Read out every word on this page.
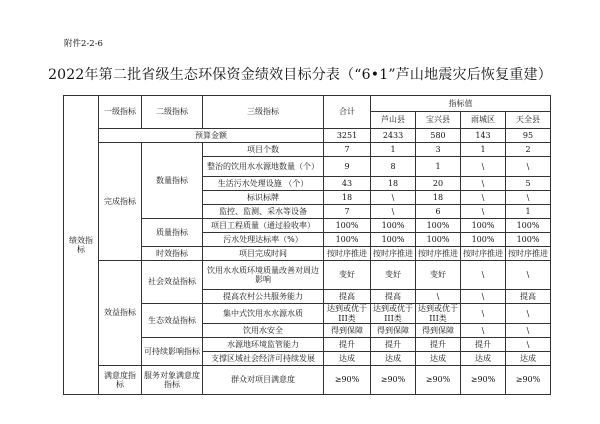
附件2-2-6
2022年第二批省级生态环保资金绩效目标分表（“6•1”芦山地震灾后恢复重建）
绩效指标	一级指标	二级指标	三级指标	合计	指标值			
					芦山县	宝兴县	雨城区	天全县
	预算金额			3251	2433	580	143	95
	完成指标	数量指标	项目个数	7	1	3	1	2
			整治的饮用水水源地数量（个）	9	8	1	\	\
			生活污水处理设施 （个）	43	18	20	\	5
			标识标牌	18	\	18	\	\
			监控、监测、采水等设备	7	\	6	\	1
		质量指标	项目工程质量（通过验收率）	100%	100%	100%	100%	100%
			污水处理达标率（%）	100%	100%	100%	100%	100%
		时效指标	项目完成时间	按时序推进	按时序推进	按时序推进	按时序推进	按时序推进
	效益指标	社会效益指标	饮用水水质环境质量改善对周边影响	变好	变好	变好	\	\
			提高农村公共服务能力	提高	提高	\	\	提高
		生态效益指标	集中式饮用水水源水质	达到或优于III类	达到或优于III类	达到或优于III类	\	\
			饮用水安全	得到保障	得到保障	得到保障	\	\
		可持续影响指标	水源地环境监管能力	提升	提升	提升	提升	\
			支撑区域社会经济可持续发展	达成	达成	达成	达成	达成
	满意度指标	服务对象满意度指标	群众对项目满意度	≥90%	≥90%	≥90%	≥90%	≥90%
